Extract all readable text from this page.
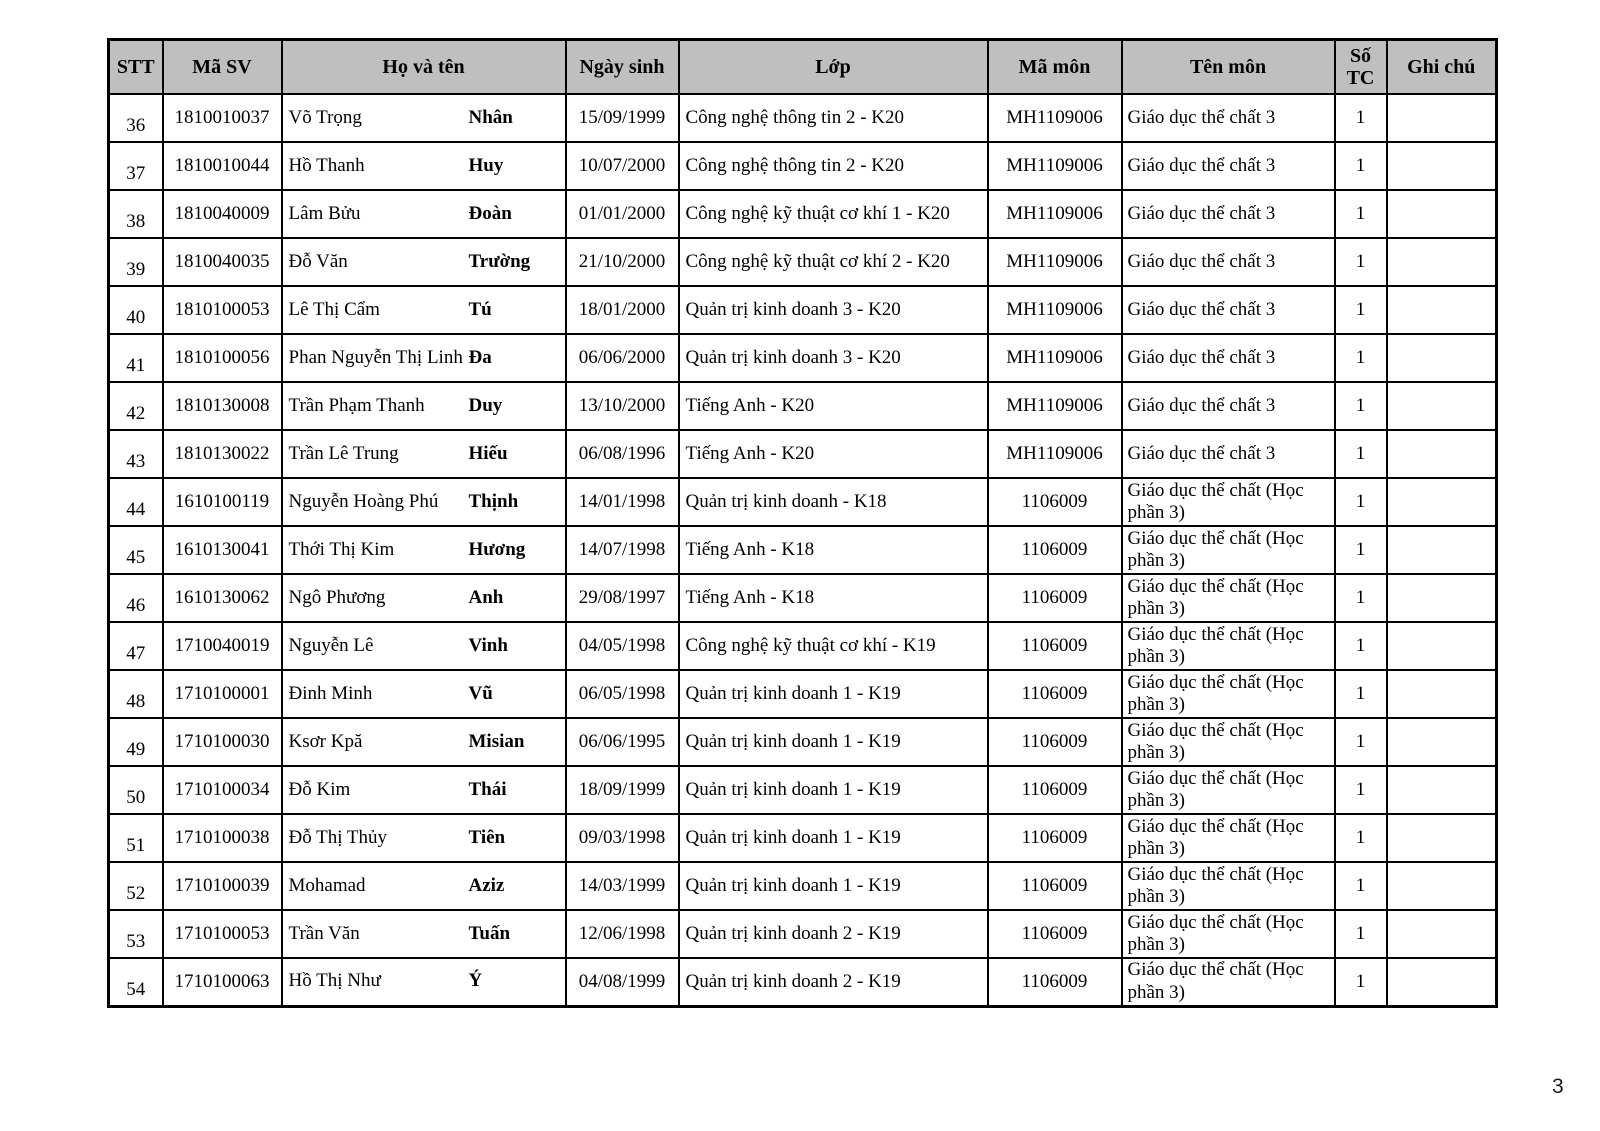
STT	Mã SV	Họ và tên	Ngày sinh	Lớp	Mã môn	Tên môn	Số TC	Ghi chú
36	1810010037	Võ Trọng Nhân	15/09/1999	Công nghệ thông tin 2 - K20	MH1109006	Giáo dục thể chất 3	1	
37	1810010044	Hồ Thanh Huy	10/07/2000	Công nghệ thông tin 2 - K20	MH1109006	Giáo dục thể chất 3	1	
38	1810040009	Lâm Bửu Đoàn	01/01/2000	Công nghệ kỹ thuật cơ khí 1 - K20	MH1109006	Giáo dục thể chất 3	1	
39	1810040035	Đỗ Văn Trường	21/10/2000	Công nghệ kỹ thuật cơ khí 2 - K20	MH1109006	Giáo dục thể chất 3	1	
40	1810100053	Lê Thị Cẩm Tú	18/01/2000	Quản trị kinh doanh 3 - K20	MH1109006	Giáo dục thể chất 3	1	
41	1810100056	Phan Nguyễn Thị Linh Đa	06/06/2000	Quản trị kinh doanh 3 - K20	MH1109006	Giáo dục thể chất 3	1	
42	1810130008	Trần Phạm Thanh Duy	13/10/2000	Tiếng Anh - K20	MH1109006	Giáo dục thể chất 3	1	
43	1810130022	Trần Lê Trung Hiếu	06/08/1996	Tiếng Anh - K20	MH1109006	Giáo dục thể chất 3	1	
44	1610100119	Nguyễn Hoàng Phú Thịnh	14/01/1998	Quản trị kinh doanh - K18	1106009	Giáo dục thể chất (Học phần 3)	1	
45	1610130041	Thới Thị Kim Hương	14/07/1998	Tiếng Anh - K18	1106009	Giáo dục thể chất (Học phần 3)	1	
46	1610130062	Ngô Phương Anh	29/08/1997	Tiếng Anh - K18	1106009	Giáo dục thể chất (Học phần 3)	1	
47	1710040019	Nguyễn Lê Vinh	04/05/1998	Công nghệ kỹ thuật cơ khí - K19	1106009	Giáo dục thể chất (Học phần 3)	1	
48	1710100001	Đinh Minh Vũ	06/05/1998	Quản trị kinh doanh 1 - K19	1106009	Giáo dục thể chất (Học phần 3)	1	
49	1710100030	Ksơr Kpă Misian	06/06/1995	Quản trị kinh doanh 1 - K19	1106009	Giáo dục thể chất (Học phần 3)	1	
50	1710100034	Đỗ Kim Thái	18/09/1999	Quản trị kinh doanh 1 - K19	1106009	Giáo dục thể chất (Học phần 3)	1	
51	1710100038	Đỗ Thị Thủy Tiên	09/03/1998	Quản trị kinh doanh 1 - K19	1106009	Giáo dục thể chất (Học phần 3)	1	
52	1710100039	Mohamad Aziz	14/03/1999	Quản trị kinh doanh 1 - K19	1106009	Giáo dục thể chất (Học phần 3)	1	
53	1710100053	Trần Văn Tuấn	12/06/1998	Quản trị kinh doanh 2 - K19	1106009	Giáo dục thể chất (Học phần 3)	1	
54	1710100063	Hồ Thị Như Ý	04/08/1999	Quản trị kinh doanh 2 - K19	1106009	Giáo dục thể chất (Học phần 3)	1	
3
